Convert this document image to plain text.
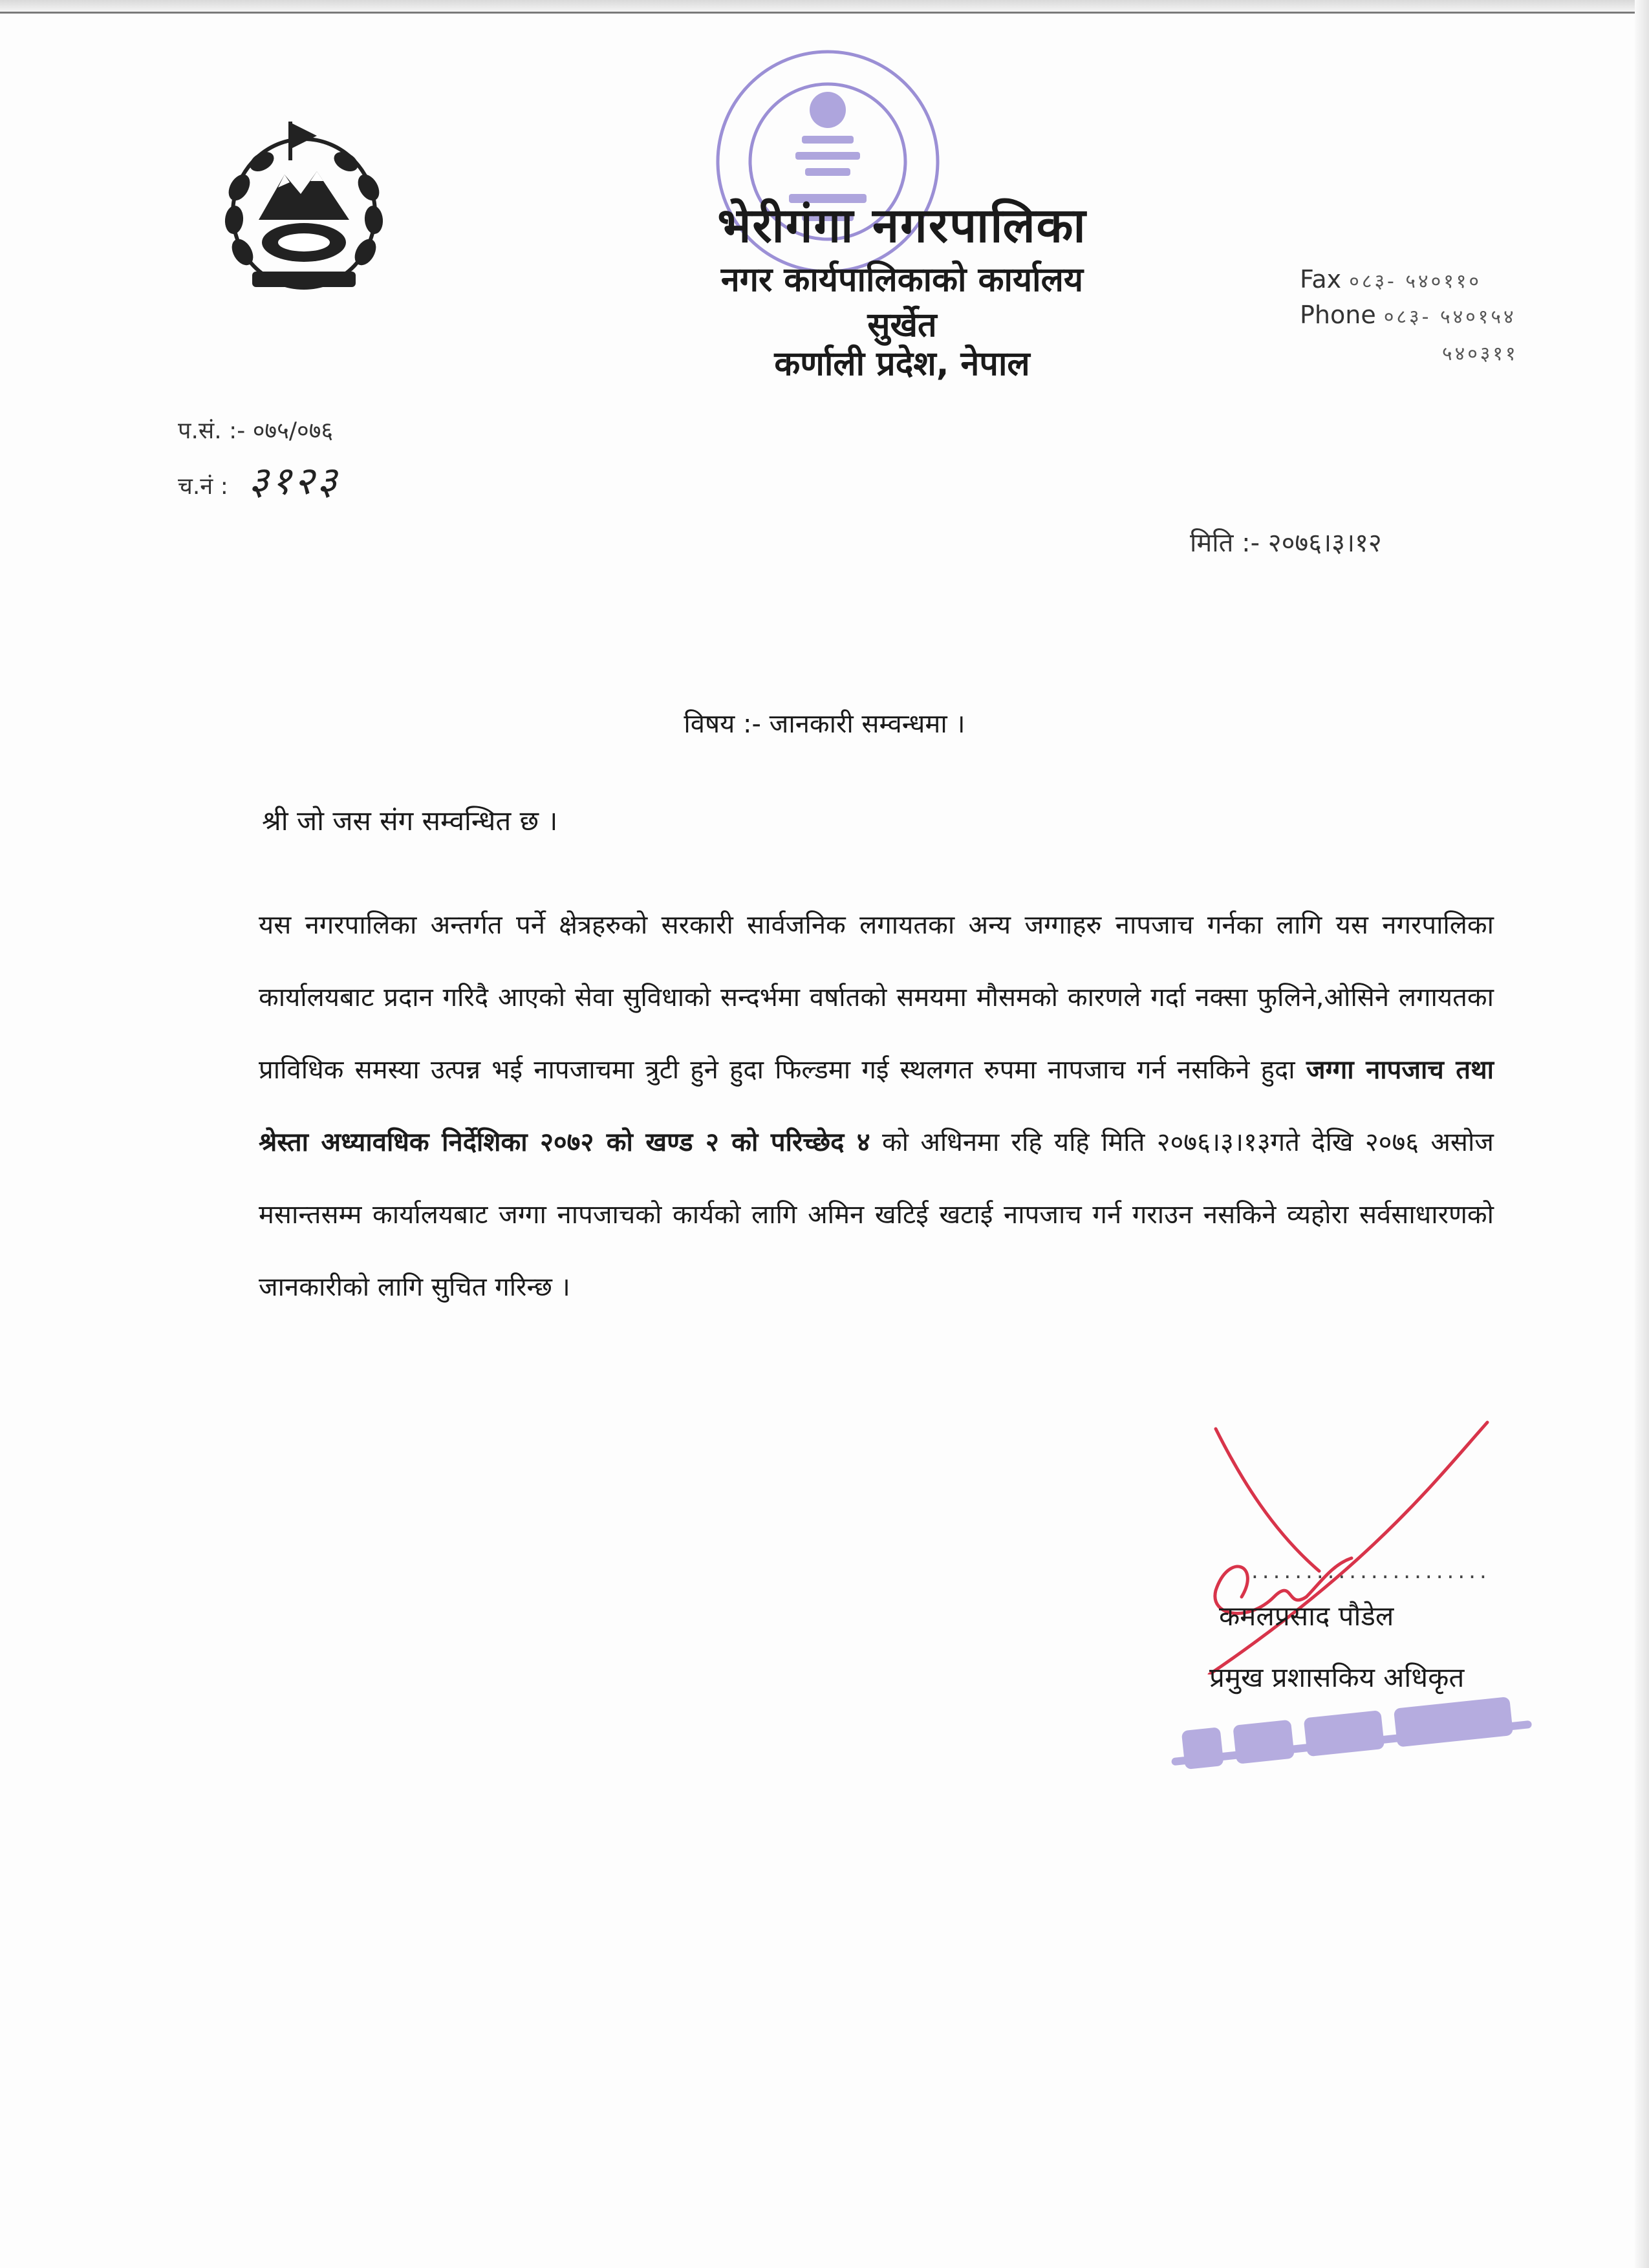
भेरीगंगा नगरपालिका
नगर कार्यपालिकाको कार्यालय
सुर्खेत
कर्णाली प्रदेश, नेपाल
Fax ०८३- ५४०११०
Phone ०८३- ५४०१५४
५४०३११
प.सं. :- ०७५/०७६
च.नं : ३१२३
मिति :- २०७६।३।१२
विषय :- जानकारी सम्वन्धमा ।
श्री जो जस संग सम्वन्धित छ ।
यस नगरपालिका अन्तर्गत पर्ने क्षेत्रहरुको सरकारी सार्वजनिक लगायतका अन्य जग्गाहरु नापजाच गर्नका लागि यस नगरपालिका कार्यालयबाट प्रदान गरिदै आएको सेवा सुविधाको सन्दर्भमा वर्षातको समयमा मौसमको कारणले गर्दा नक्सा फुलिने,ओसिने लगायतका प्राविधिक समस्या उत्पन्न भई नापजाचमा त्रुटी हुने हुदा फिल्डमा गई स्थलगत रुपमा नापजाच गर्न नसकिने हुदा जग्गा नापजाच तथा श्रेस्ता अध्यावधिक निर्देशिका २०७२ को खण्ड २ को परिच्छेद ४ को अधिनमा रहि यहि मिति २०७६।३।१३गते देखि २०७६ असोज मसान्तसम्म कार्यालयबाट जग्गा नापजाचको कार्यको लागि अमिन खटिई खटाई नापजाच गर्न गराउन नसकिने व्यहोरा सर्वसाधारणको जानकारीको लागि सुचित गरिन्छ ।
......................
कमलप्रसाद पौडेल
प्रमुख प्रशासकिय अधिकृत
